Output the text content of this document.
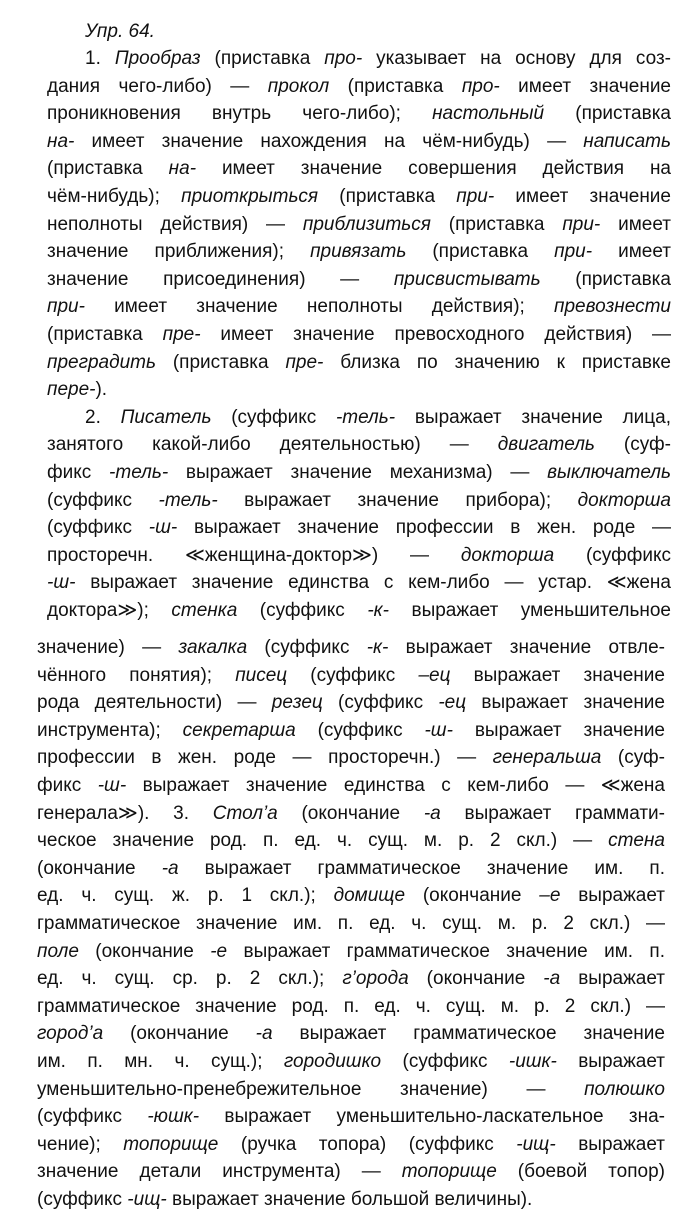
Упр. 64.
1. Прообраз (приставка про- указывает на основу для соз-
дания чего-либо) — прокол (приставка про- имеет значение
проникновения внутрь чего-либо); настольный (приставка
на- имеет значение нахождения на чём-нибудь) — написать
(приставка на- имеет значение совершения действия на
чём-нибудь); приоткрыться (приставка при- имеет значение
неполноты действия) — приблизиться (приставка при- имеет
значение приближения); привязать (приставка при- имеет
значение присоединения) — присвистывать (приставка
при- имеет значение неполноты действия); превознести
(приставка пре- имеет значение превосходного действия) —
преградить (приставка пре- близка по значению к приставке
пере-).
2. Писатель (суффикс -тель- выражает значение лица,
занятого какой-либо деятельностью) — двигатель (суф-
фикс -тель- выражает значение механизма) — выключатель
(суффикс -тель- выражает значение прибора); докторша
(суффикс -ш- выражает значение профессии в жен. роде —
просторечн. ≪женщина-доктор≫) — докторша (суффикс
-ш- выражает значение единства с кем-либо — устар. ≪жена
доктора≫); стенка (суффикс -к- выражает уменьшительное
значение) — закалка (суффикс -к- выражает значение отвле-
чённого понятия); писец (суффикс –ец выражает значение
рода деятельности) — резец (суффикс -ец выражает значение
инструмента); секретарша (суффикс -ш- выражает значение
профессии в жен. роде — просторечн.) — генеральша (суф-
фикс -ш- выражает значение единства с кем-либо — ≪жена
генерала≫). 3. Стол’а (окончание -а выражает граммати-
ческое значение род. п. ед. ч. сущ. м. р. 2 скл.) — стена
(окончание -а выражает грамматическое значение им. п.
ед. ч. сущ. ж. р. 1 скл.); домище (окончание –е выражает
грамматическое значение им. п. ед. ч. сущ. м. р. 2 скл.) —
поле (окончание -е выражает грамматическое значение им. п.
ед. ч. сущ. ср. р. 2 скл.); г’орода (окончание -а выражает
грамматическое значение род. п. ед. ч. сущ. м. р. 2 скл.) —
город’а (окончание -а выражает грамматическое значение
им. п. мн. ч. сущ.); городишко (суффикс -ишк- выражает
уменьшительно-пренебрежительное значение) — полюшко
(суффикс -юшк- выражает уменьшительно-ласкательное зна-
чение); топорище (ручка топора) (суффикс -ищ- выражает
значение детали инструмента) — топорище (боевой топор)
(суффикс -ищ- выражает значение большой величины).
